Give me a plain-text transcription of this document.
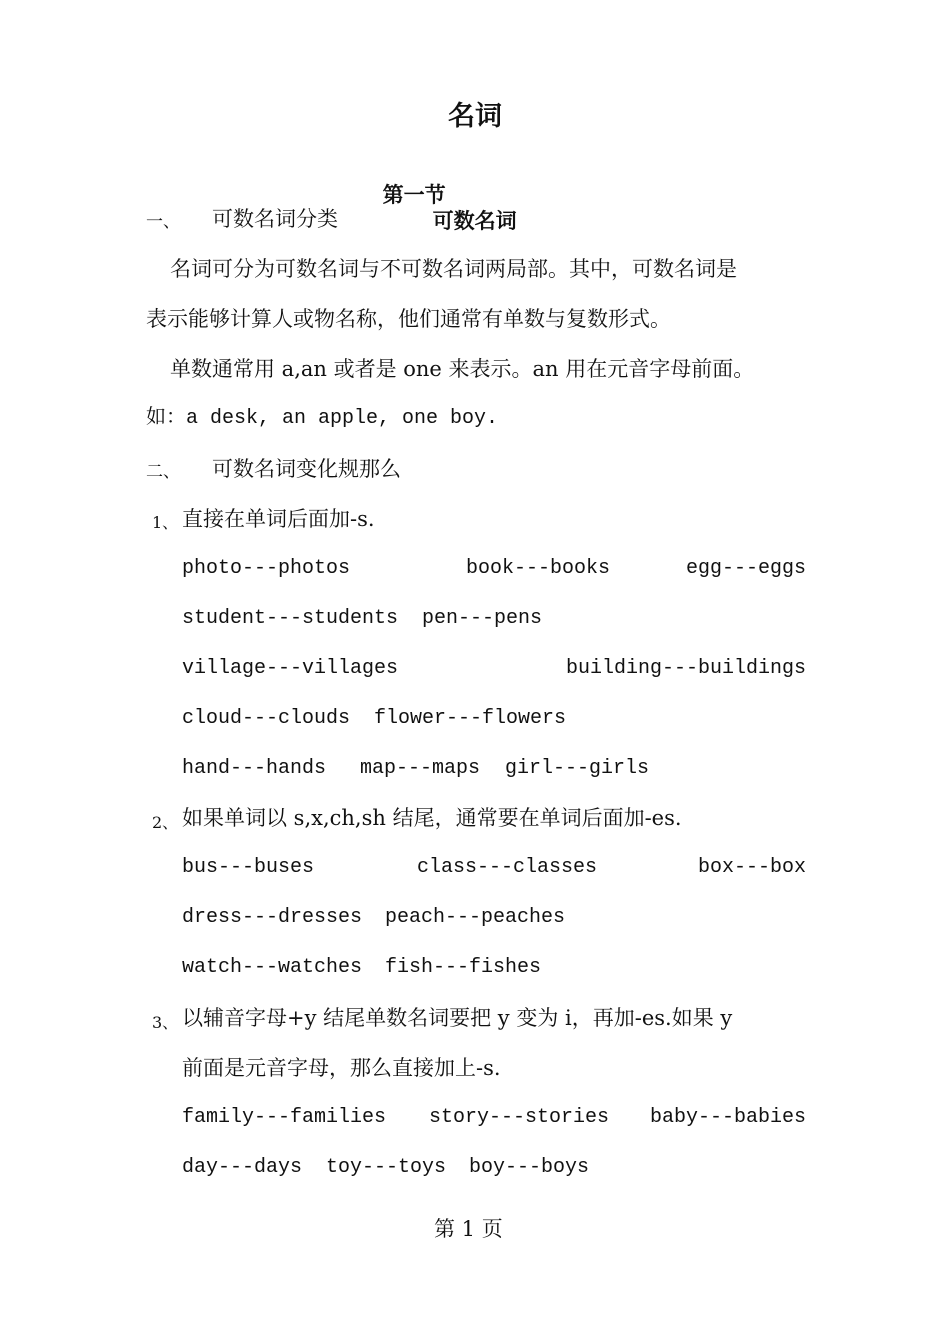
名词

第一节
可数名词

一、 可数名词分类
名词可分为可数名词与不可数名词两局部。其中，可数名词是
表示能够计算人或物名称，他们通常有单数与复数形式。
单数通常用 a,an 或者是 one 来表示。an 用在元音字母前面。
如：a desk, an apple, one boy.
二、 可数名词变化规那么
1、 直接在单词后面加-s.
photo---photos	book---books	egg---eggs
student---students pen---pens
village---villages	building---buildings
cloud---clouds flower---flowers
hand---hands map---maps girl---girls
2、 如果单词以 s,x,ch,sh 结尾，通常要在单词后面加-es.
bus---buses	class---classes	box---box
dress---dresses peach---peaches
watch---watches fish---fishes
3、 以辅音字母+y 结尾单数名词要把 y 变为 i，再加-es.如果 y
前面是元音字母，那么直接加上-s.
family---families story---stories baby---babies
day---days toy---toys boy---boys
第 1 页
